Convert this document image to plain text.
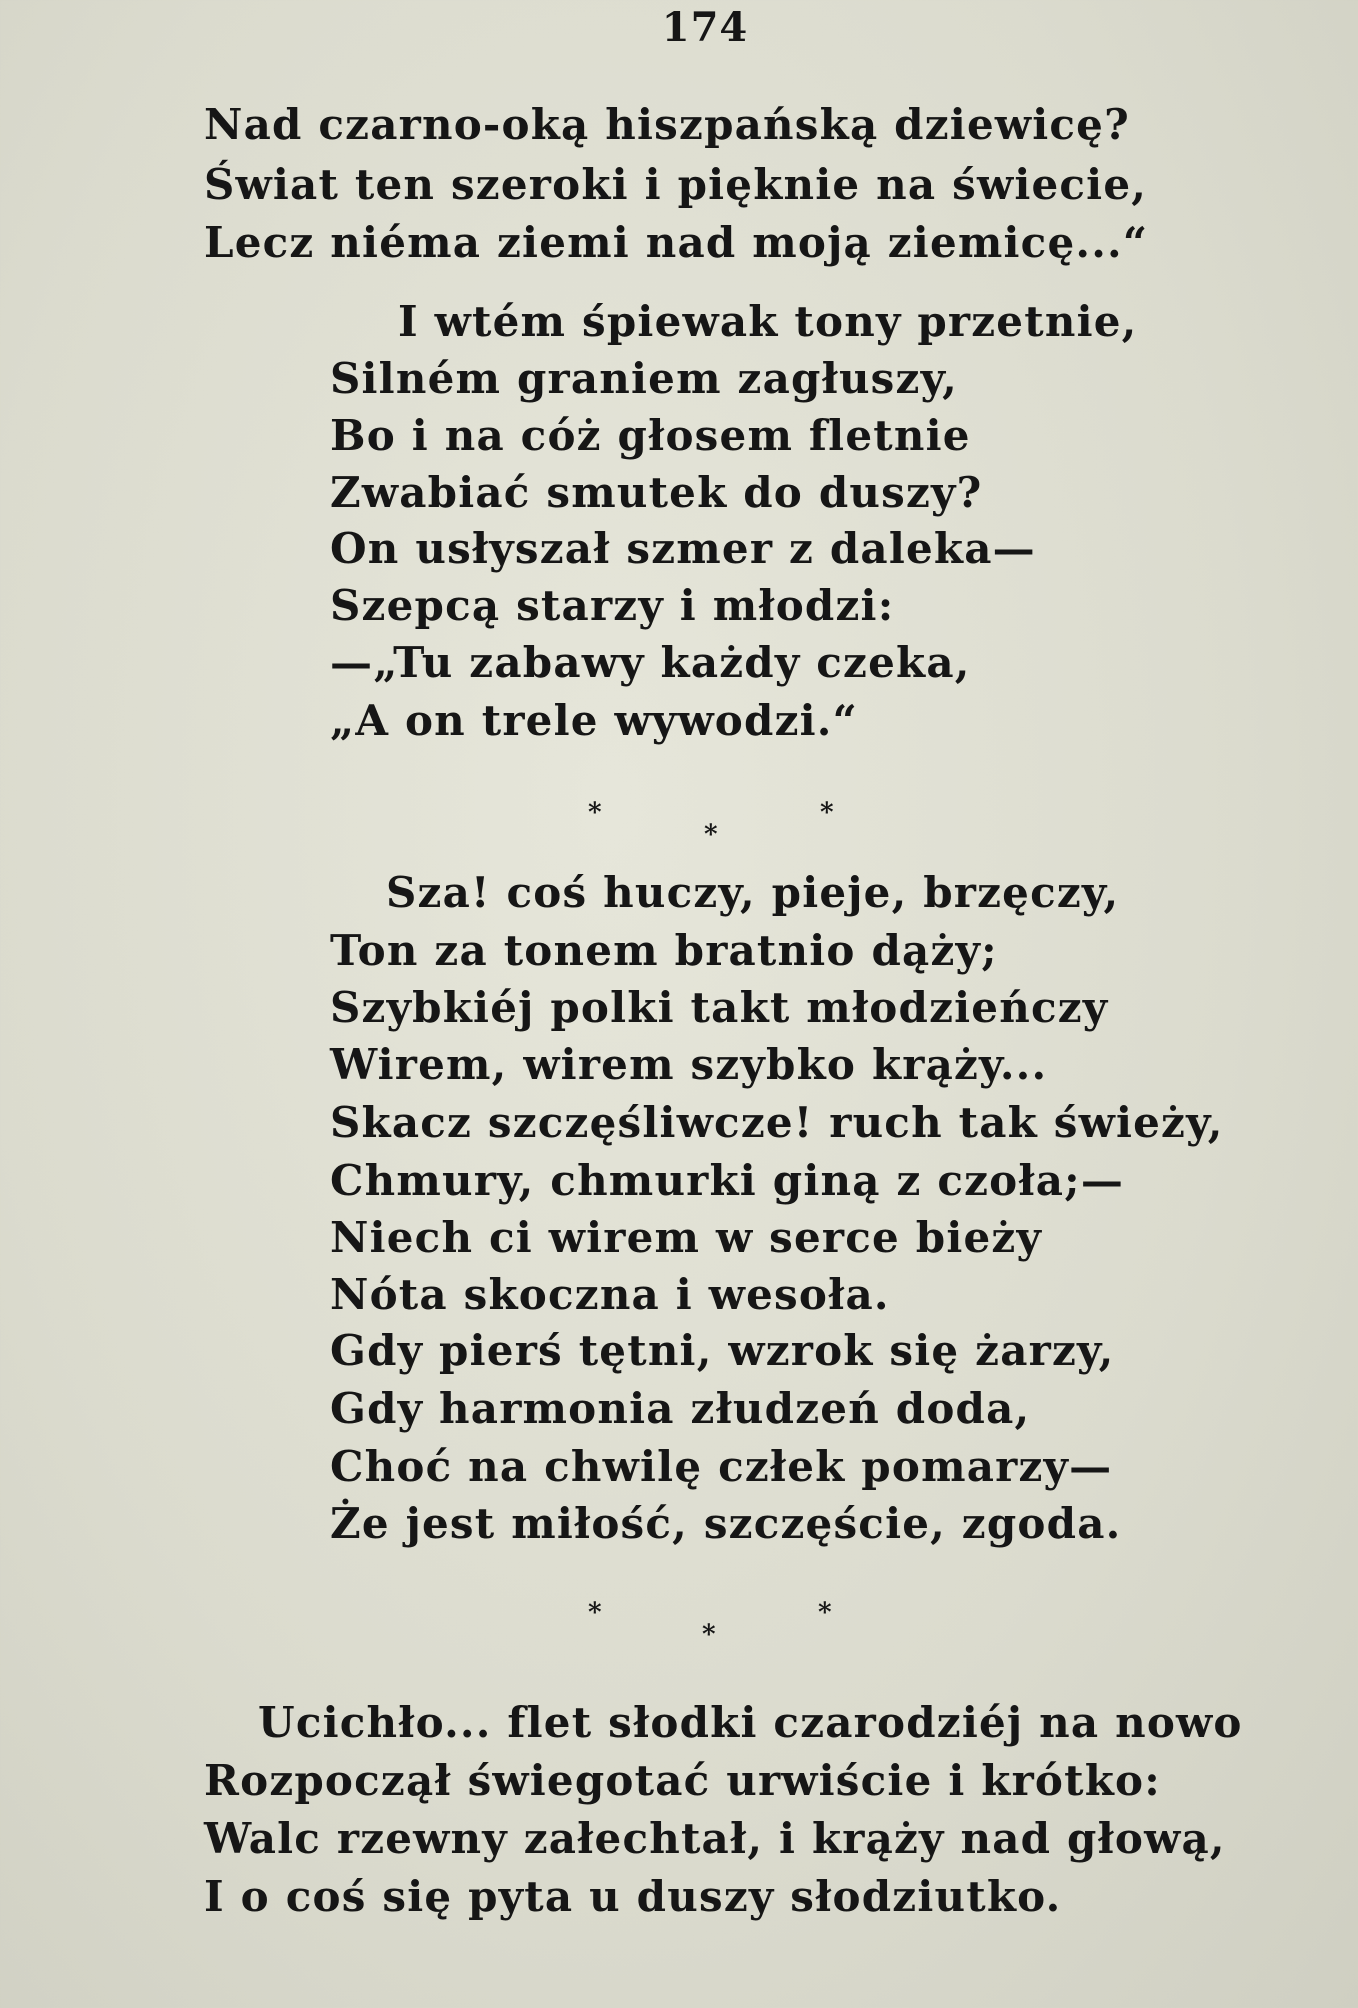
174
Nad czarno-oką hiszpańską dziewicę?
Świat ten szeroki i pięknie na świecie,
Lecz niéma ziemi nad moją ziemicę...“
I wtém śpiewak tony przetnie,
Silném graniem zagłuszy,
Bo i na cóż głosem fletnie
Zwabiać smutek do duszy?
On usłyszał szmer z daleka—
Szepcą starzy i młodzi:
—„Tu zabawy każdy czeka,
„A on trele wywodzi.“
*	*
*
Sza! coś huczy, pieje, brzęczy,
Ton za tonem bratnio dąży;
Szybkiéj polki takt młodzieńczy
Wirem, wirem szybko krąży...
Skacz szczęśliwcze! ruch tak świeży,
Chmury, chmurki giną z czoła;—
Niech ci wirem w serce bieży
Nóta skoczna i wesoła.
Gdy pierś tętni, wzrok się żarzy,
Gdy harmonia złudzeń doda,
Choć na chwilę człek pomarzy—
Że jest miłość, szczęście, zgoda.
*	*
*
Ucichło... flet słodki czarodziéj na nowo
Rozpoczął świegotać urwiście i krótko:
Walc rzewny załechtał, i krąży nad głową,
I o coś się pyta u duszy słodziutko.
